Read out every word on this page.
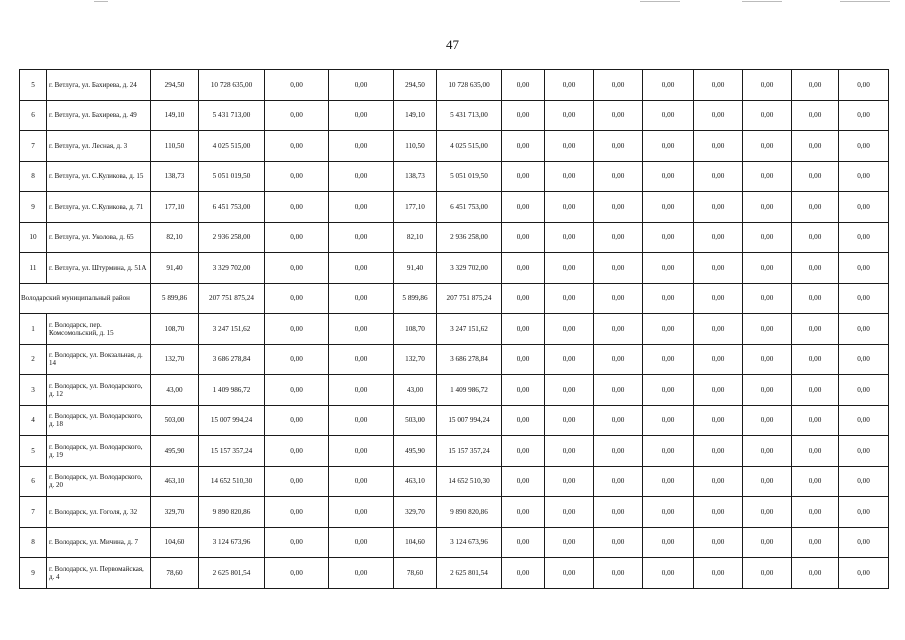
47
5	г. Ветлуга, ул. Бахирева, д. 24	294,50	10 728 635,00	0,00	0,00	294,50	10 728 635,00	0,00	0,00	0,00	0,00	0,00	0,00	0,00	0,00
6	г. Ветлуга, ул. Бахирева, д. 49	149,10	5 431 713,00	0,00	0,00	149,10	5 431 713,00	0,00	0,00	0,00	0,00	0,00	0,00	0,00	0,00
7	г. Ветлуга, ул. Лесная, д. 3	110,50	4 025 515,00	0,00	0,00	110,50	4 025 515,00	0,00	0,00	0,00	0,00	0,00	0,00	0,00	0,00
8	г. Ветлуга, ул. С.Куликова, д. 15	138,73	5 051 019,50	0,00	0,00	138,73	5 051 019,50	0,00	0,00	0,00	0,00	0,00	0,00	0,00	0,00
9	г. Ветлуга, ул. С.Куликова, д. 71	177,10	6 451 753,00	0,00	0,00	177,10	6 451 753,00	0,00	0,00	0,00	0,00	0,00	0,00	0,00	0,00
10	г. Ветлуга, ул. Уколова, д. 65	82,10	2 936 258,00	0,00	0,00	82,10	2 936 258,00	0,00	0,00	0,00	0,00	0,00	0,00	0,00	0,00
11	г. Ветлуга, ул. Штурмина, д. 51А	91,40	3 329 702,00	0,00	0,00	91,40	3 329 702,00	0,00	0,00	0,00	0,00	0,00	0,00	0,00	0,00
Володарский муниципальный район		5 899,86	207 751 875,24	0,00	0,00	5 899,86	207 751 875,24	0,00	0,00	0,00	0,00	0,00	0,00	0,00	0,00
1	г. Володарск, пер. Комсомольский, д. 15	108,70	3 247 151,62	0,00	0,00	108,70	3 247 151,62	0,00	0,00	0,00	0,00	0,00	0,00	0,00	0,00
2	г. Володарск, ул. Вокзальная, д. 14	132,70	3 686 278,84	0,00	0,00	132,70	3 686 278,84	0,00	0,00	0,00	0,00	0,00	0,00	0,00	0,00
3	г. Володарск, ул. Володарского, д. 12	43,00	1 409 986,72	0,00	0,00	43,00	1 409 986,72	0,00	0,00	0,00	0,00	0,00	0,00	0,00	0,00
4	г. Володарск, ул. Володарского, д. 18	503,00	15 007 994,24	0,00	0,00	503,00	15 007 994,24	0,00	0,00	0,00	0,00	0,00	0,00	0,00	0,00
5	г. Володарск, ул. Володарского, д. 19	495,90	15 157 357,24	0,00	0,00	495,90	15 157 357,24	0,00	0,00	0,00	0,00	0,00	0,00	0,00	0,00
6	г. Володарск, ул. Володарского, д. 20	463,10	14 652 510,30	0,00	0,00	463,10	14 652 510,30	0,00	0,00	0,00	0,00	0,00	0,00	0,00	0,00
7	г. Володарск, ул. Гоголя, д. 32	329,70	9 890 820,86	0,00	0,00	329,70	9 890 820,86	0,00	0,00	0,00	0,00	0,00	0,00	0,00	0,00
8	г. Володарск, ул. Мичина, д. 7	104,60	3 124 673,96	0,00	0,00	104,60	3 124 673,96	0,00	0,00	0,00	0,00	0,00	0,00	0,00	0,00
9	г. Володарск, ул. Первомайская, д. 4	78,60	2 625 801,54	0,00	0,00	78,60	2 625 801,54	0,00	0,00	0,00	0,00	0,00	0,00	0,00	0,00
